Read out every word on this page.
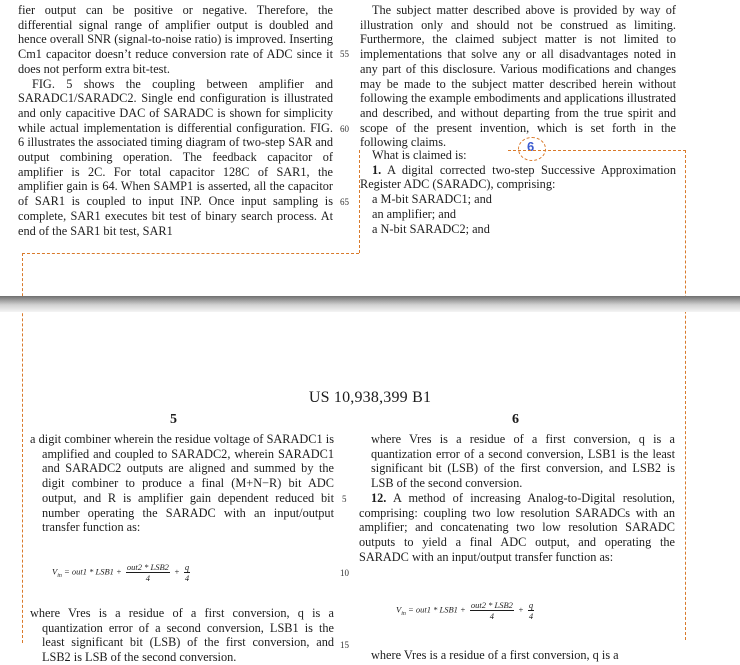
fier output can be positive or negative. Therefore, the differential signal range of amplifier output is doubled and hence overall SNR (signal-to-noise ratio) is improved. Inserting Cm1 capacitor doesn’t reduce conversion rate of ADC since it does not perform extra bit-test.

FIG. 5 shows the coupling between amplifier and SARADC1/SARADC2. Single end configuration is illustrated and only capacitive DAC of SARADC is shown for simplicity while actual implementation is differential configuration. FIG. 6 illustrates the associated timing diagram of two-step SAR and output combining operation. The feedback capacitor of amplifier is 2C. For total capacitor 128C of SAR1, the amplifier gain is 64. When SAMP1 is asserted, all the capacitor of SAR1 is coupled to input INP. Once input sampling is complete, SAR1 executes bit test of binary search process. At end of the SAR1 bit test, SAR1

55
60
65

The subject matter described above is provided by way of illustration only and should not be construed as limiting. Furthermore, the claimed subject matter is not limited to implementations that solve any or all disadvantages noted in any part of this disclosure. Various modifications and changes may be made to the subject matter described herein without following the example embodiments and applications illustrated and described, and without departing from the true spirit and scope of the present invention, which is set forth in the following claims.

What is claimed is:

1. A digital corrected two-step Successive Approximation Register ADC (SARADC), comprising:

a M-bit SARADC1; and

an amplifier; and

a N-bit SARADC2; and

6
US 10,938,399 B1
5	6

a digit combiner wherein the residue voltage of SARADC1 is amplified and coupled to SARADC2, wherein SARADC1 and SARADC2 outputs are aligned and summed by the digit combiner to produce a final (M+N−R) bit ADC output, and R is amplifier gain dependent reduced bit number operating the SARADC with an input/output transfer function as:

$V_{in} = out1 * LSB1 + \frac{\text{out2 * LSB2}}{4} + \frac{q}{4}$

where Vres is a residue of a first conversion, q is a quantization error of a second conversion, LSB1 is the least significant bit (LSB) of the first conversion, and LSB2 is LSB of the second conversion.

5
10
15

where Vres is a residue of a first conversion, q is a quantization error of a second conversion, LSB1 is the least significant bit (LSB) of the first conversion, and LSB2 is LSB of the second conversion.

12. A method of increasing Analog-to-Digital resolution, comprising: coupling two low resolution SARADCs with an amplifier; and concatenating two low resolution SARADC outputs to yield a final ADC output, and operating the SARADC with an input/output transfer function as:

$V_{in} = out1 * LSB1 + \frac{\text{out2 * LSB2}}{4} + \frac{q}{4}$

where Vres is a residue of a first conversion, q is a
